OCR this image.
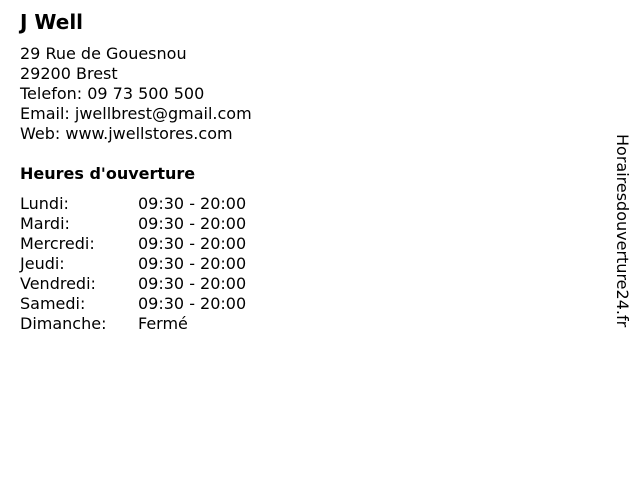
J Well
29 Rue de Gouesnou
29200 Brest
Telefon: 09 73 500 500
Email: jwellbrest@gmail.com
Web: www.jwellstores.com
Heures d'ouverture
Lundi:	09:30 - 20:00
Mardi:	09:30 - 20:00
Mercredi:	09:30 - 20:00
Jeudi:	09:30 - 20:00
Vendredi:	09:30 - 20:00
Samedi:	09:30 - 20:00
Dimanche:	Fermé	Horairesdouverture24.fr
